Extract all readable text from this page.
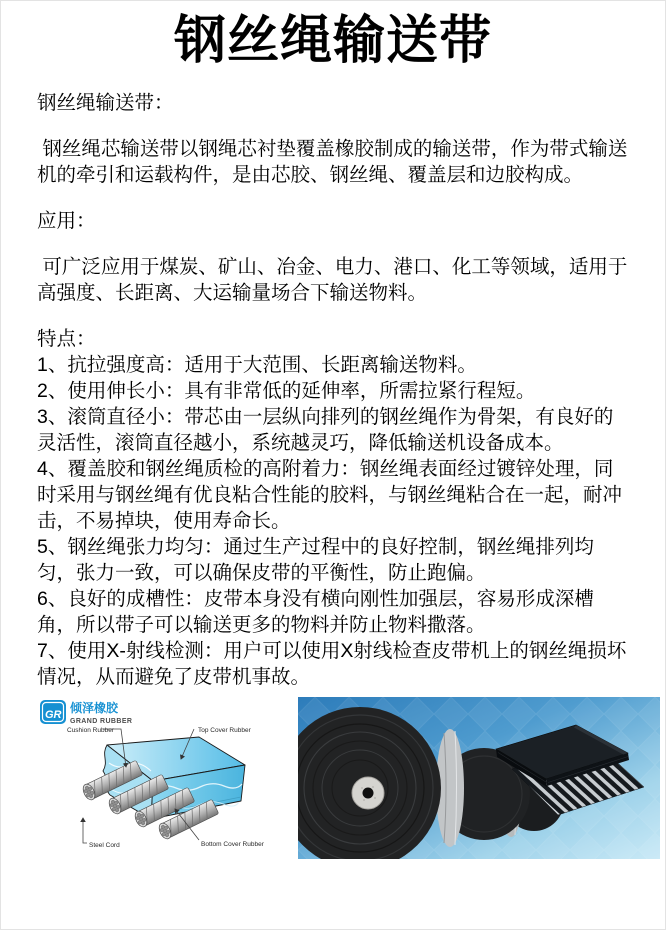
钢丝绳输送带

钢丝绳输送带：

钢丝绳芯输送带以钢绳芯衬垫覆盖橡胶制成的输送带，作为带式输送机的牵引和运载构件，是由芯胶、钢丝绳、覆盖层和边胶构成。

应用：

可广泛应用于煤炭、矿山、冶金、电力、港口、化工等领域，适用于高强度、长距离、大运输量场合下输送物料。

特点：

1、抗拉强度高：适用于大范围、长距离输送物料。

2、使用伸长小：具有非常低的延伸率，所需拉紧行程短。

3、滚筒直径小：带芯由一层纵向排列的钢丝绳作为骨架，有良好的灵活性，滚筒直径越小，系统越灵巧，降低输送机设备成本。

4、覆盖胶和钢丝绳质检的高附着力：钢丝绳表面经过镀锌处理，同时采用与钢丝绳有优良粘合性能的胶料，与钢丝绳粘合在一起，耐冲击，不易掉块，使用寿命长。

5、钢丝绳张力均匀：通过生产过程中的良好控制，钢丝绳排列均匀，张力一致，可以确保皮带的平衡性，防止跑偏。

6、良好的成槽性：皮带本身没有横向刚性加强层，容易形成深槽角，所以带子可以输送更多的物料并防止物料撒落。

7、使用X-射线检测：用户可以使用X射线检查皮带机上的钢丝绳损坏情况，从而避免了皮带机事故。

GR 倾泽橡胶
GRAND RUBBER
Cushion Rubber	Top Cover Rubber
Steel Cord	Bottom Cover Rubber
